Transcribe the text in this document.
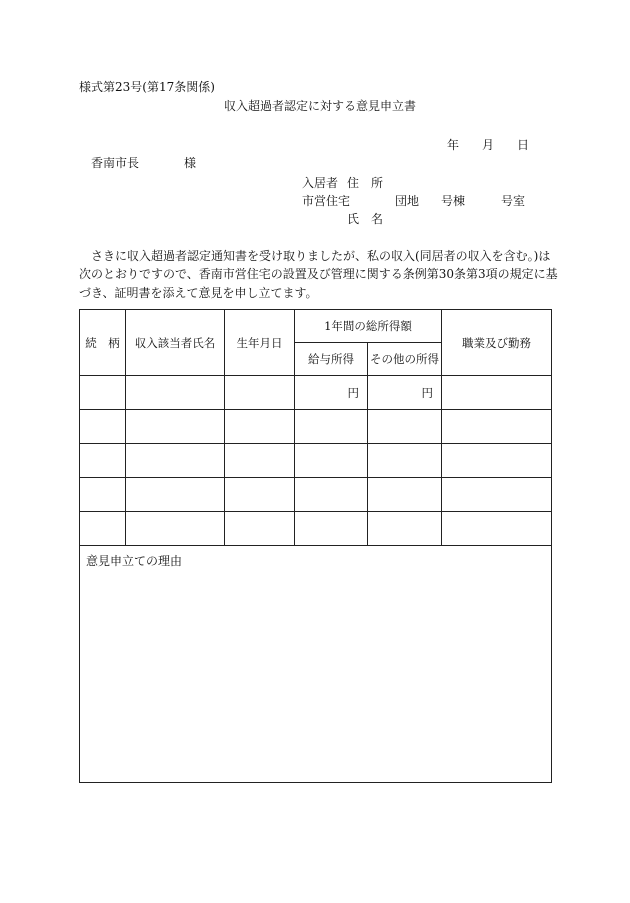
様式第23号(第17条関係)
収入超過者認定に対する意見申立書
年 月 日
香南市長	様
入居者 住　所
市営住宅	団地 号棟	号室
氏　名
さきに収入超過者認定通知書を受け取りましたが、私の収入(同居者の収入を含む。)は
次のとおりですので、香南市営住宅の設置及び管理に関する条例第30条第3項の規定に基
づき、証明書を添えて意見を申し立てます。
続　柄	収入該当者氏名	生年月日	1年間の総所得額		職業及び勤務
			給与所得	その他の所得	
			円	円	

意見申立ての理由
